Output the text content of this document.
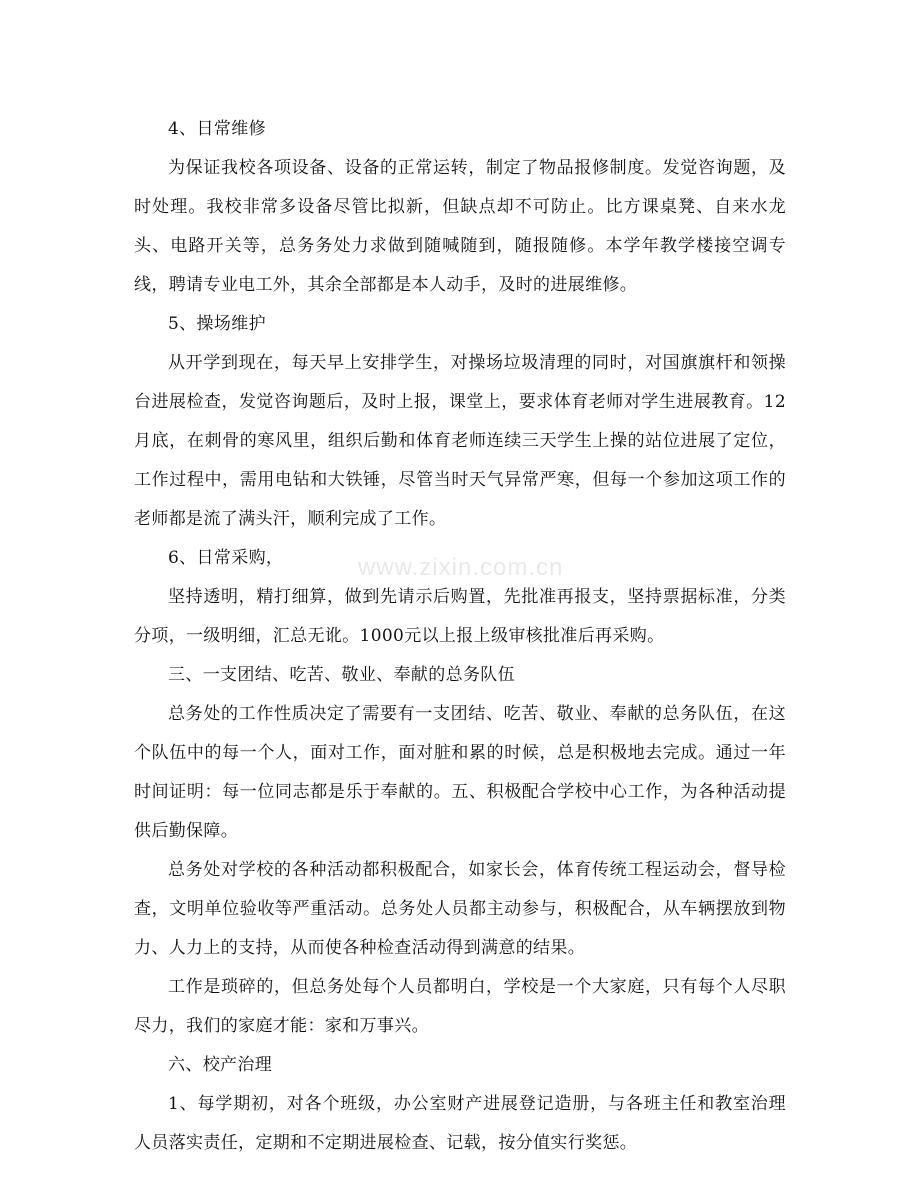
4、日常维修

为保证我校各项设备、设备的正常运转，制定了物品报修制度。发觉咨询题，及时处理。我校非常多设备尽管比拟新，但缺点却不可防止。比方课桌凳、自来水龙头、电路开关等，总务务处力求做到随喊随到，随报随修。本学年教学楼接空调专线，聘请专业电工外，其余全部都是本人动手，及时的进展维修。

5、操场维护

从开学到现在，每天早上安排学生，对操场垃圾清理的同时，对国旗旗杆和领操台进展检查，发觉咨询题后，及时上报，课堂上，要求体育老师对学生进展教育。12月底，在刺骨的寒风里，组织后勤和体育老师连续三天学生上操的站位进展了定位，工作过程中，需用电钻和大铁锤，尽管当时天气异常严寒，但每一个参加这项工作的老师都是流了满头汗，顺利完成了工作。

6、日常采购，

坚持透明，精打细算，做到先请示后购置，先批准再报支，坚持票据标准，分类分项，一级明细，汇总无讹。1000元以上报上级审核批准后再采购。

三、一支团结、吃苦、敬业、奉献的总务队伍

总务处的工作性质决定了需要有一支团结、吃苦、敬业、奉献的总务队伍，在这个队伍中的每一个人，面对工作，面对脏和累的时候，总是积极地去完成。通过一年时间证明：每一位同志都是乐于奉献的。五、积极配合学校中心工作，为各种活动提供后勤保障。

总务处对学校的各种活动都积极配合，如家长会，体育传统工程运动会，督导检查，文明单位验收等严重活动。总务处人员都主动参与，积极配合，从车辆摆放到物力、人力上的支持，从而使各种检查活动得到满意的结果。

工作是琐碎的，但总务处每个人员都明白，学校是一个大家庭，只有每个人尽职尽力，我们的家庭才能：家和万事兴。

六、校产治理

1、每学期初，对各个班级，办公室财产进展登记造册，与各班主任和教室治理人员落实责任，定期和不定期进展检查、记载，按分值实行奖惩。

www.zixin.com.cn
